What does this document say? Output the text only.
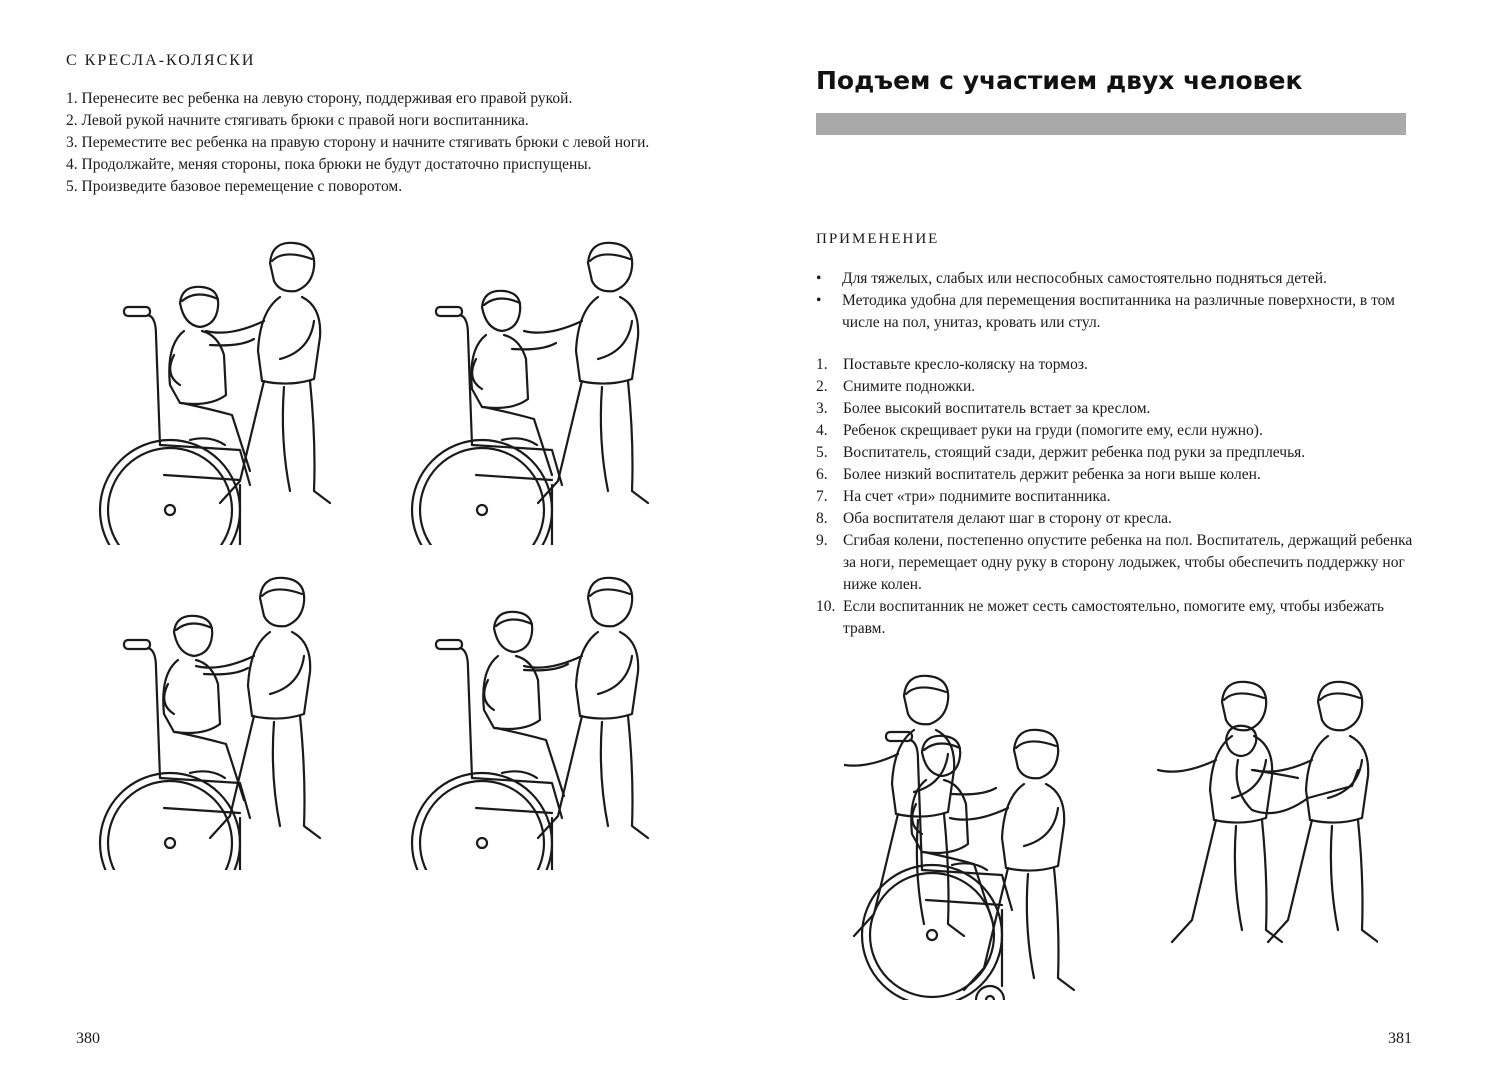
С КРЕСЛА-КОЛЯСКИ
1. Перенесите вес ребенка на левую сторону, поддерживая его правой рукой.
2. Левой рукой начните стягивать брюки с правой ноги воспитанника.
3. Переместите вес ребенка на правую сторону и начните стягивать брюки с левой ноги.
4. Продолжайте, меняя стороны, пока брюки не будут достаточно приспущены.
5. Произведите базовое перемещение с поворотом.
380
Подъем с участием двух человек
ПРИМЕНЕНИЕ
• Для тяжелых, слабых или неспособных самостоятельно подняться детей.
• Методика удобна для перемещения воспитанника на различные поверхности, в том числе на пол, унитаз, кровать или стул.
1. Поставьте кресло-коляску на тормоз.
2. Снимите подножки.
3. Более высокий воспитатель встает за креслом.
4. Ребенок скрещивает руки на груди (помогите ему, если нужно).
5. Воспитатель, стоящий сзади, держит ребенка под руки за предплечья.
6. Более низкий воспитатель держит ребенка за ноги выше колен.
7. На счет «три» поднимите воспитанника.
8. Оба воспитателя делают шаг в сторону от кресла.
9. Сгибая колени, постепенно опустите ребенка на пол. Воспитатель, держащий ребенка за ноги, перемещает одну руку в сторону лодыжек, чтобы обеспечить поддержку ног ниже колен.
10. Если воспитанник не может сесть самостоятельно, помогите ему, чтобы избежать травм.
381
